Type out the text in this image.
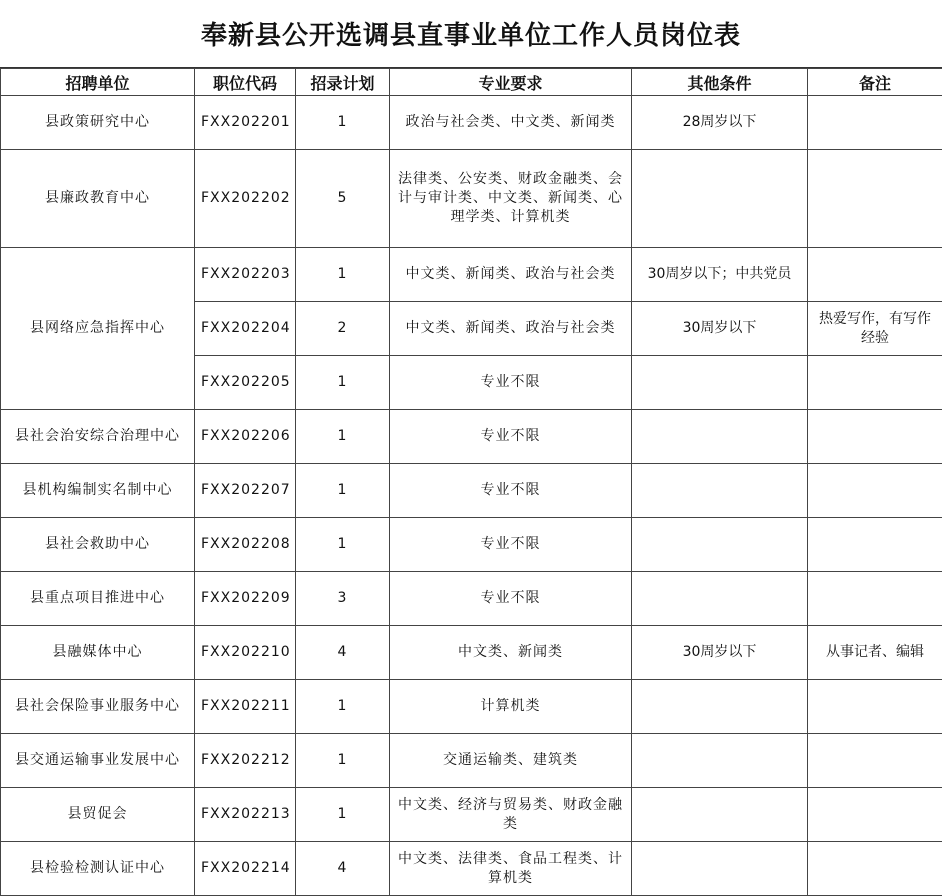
奉新县公开选调县直事业单位工作人员岗位表
招聘单位	职位代码	招录计划	专业要求	其他条件	备注
县政策研究中心	FXX202201	1	政治与社会类、中文类、新闻类	28周岁以下	
县廉政教育中心	FXX202202	5	法律类、公安类、财政金融类、会计与审计类、中文类、新闻类、心理学类、计算机类		
县网络应急指挥中心	FXX202203	1	中文类、新闻类、政治与社会类	30周岁以下；中共党员	
	FXX202204	2	中文类、新闻类、政治与社会类	30周岁以下	热爱写作，有写作经验
	FXX202205	1	专业不限		
县社会治安综合治理中心	FXX202206	1	专业不限		
县机构编制实名制中心	FXX202207	1	专业不限		
县社会救助中心	FXX202208	1	专业不限		
县重点项目推进中心	FXX202209	3	专业不限		
县融媒体中心	FXX202210	4	中文类、新闻类	30周岁以下	从事记者、编辑
县社会保险事业服务中心	FXX202211	1	计算机类		
县交通运输事业发展中心	FXX202212	1	交通运输类、建筑类		
县贸促会	FXX202213	1	中文类、经济与贸易类、财政金融类		
县检验检测认证中心	FXX202214	4	中文类、法律类、食品工程类、计算机类		
